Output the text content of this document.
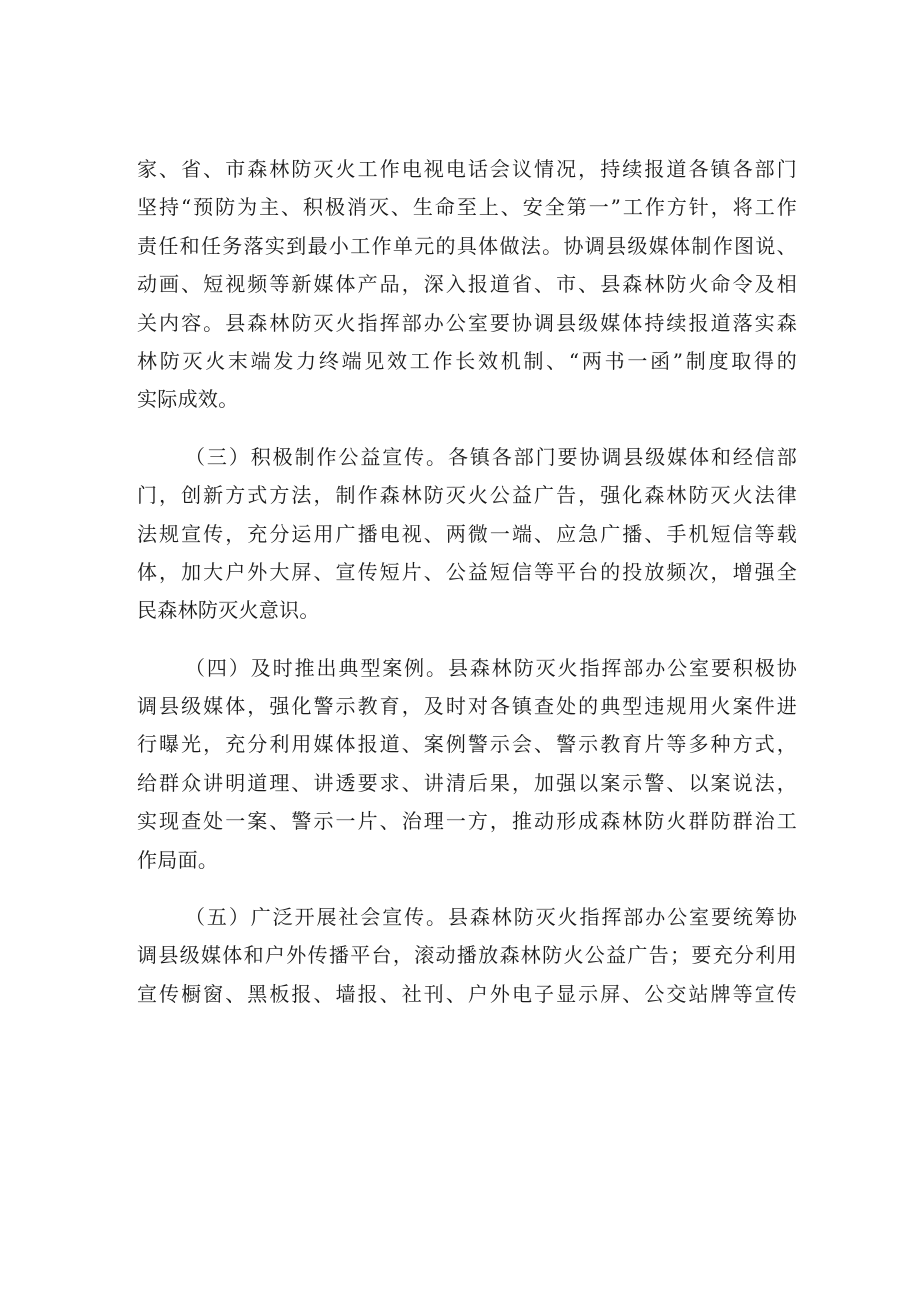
家、省、市森林防灭火工作电视电话会议情况，持续报道各镇各部门
坚持“预防为主、积极消灭、生命至上、安全第一”工作方针，将工作
责任和任务落实到最小工作单元的具体做法。协调县级媒体制作图说、
动画、短视频等新媒体产品，深入报道省、市、县森林防火命令及相
关内容。县森林防灭火指挥部办公室要协调县级媒体持续报道落实森
林防灭火末端发力终端见效工作长效机制、“两书一函”制度取得的
实际成效。
（三）积极制作公益宣传。各镇各部门要协调县级媒体和经信部
门，创新方式方法，制作森林防灭火公益广告，强化森林防灭火法律
法规宣传，充分运用广播电视、两微一端、应急广播、手机短信等载
体，加大户外大屏、宣传短片、公益短信等平台的投放频次，增强全
民森林防灭火意识。
（四）及时推出典型案例。县森林防灭火指挥部办公室要积极协
调县级媒体，强化警示教育，及时对各镇查处的典型违规用火案件进
行曝光，充分利用媒体报道、案例警示会、警示教育片等多种方式，
给群众讲明道理、讲透要求、讲清后果，加强以案示警、以案说法，
实现查处一案、警示一片、治理一方，推动形成森林防火群防群治工
作局面。
（五）广泛开展社会宣传。县森林防灭火指挥部办公室要统筹协
调县级媒体和户外传播平台，滚动播放森林防火公益广告；要充分利用
宣传橱窗、黑板报、墙报、社刊、户外电子显示屏、公交站牌等宣传
